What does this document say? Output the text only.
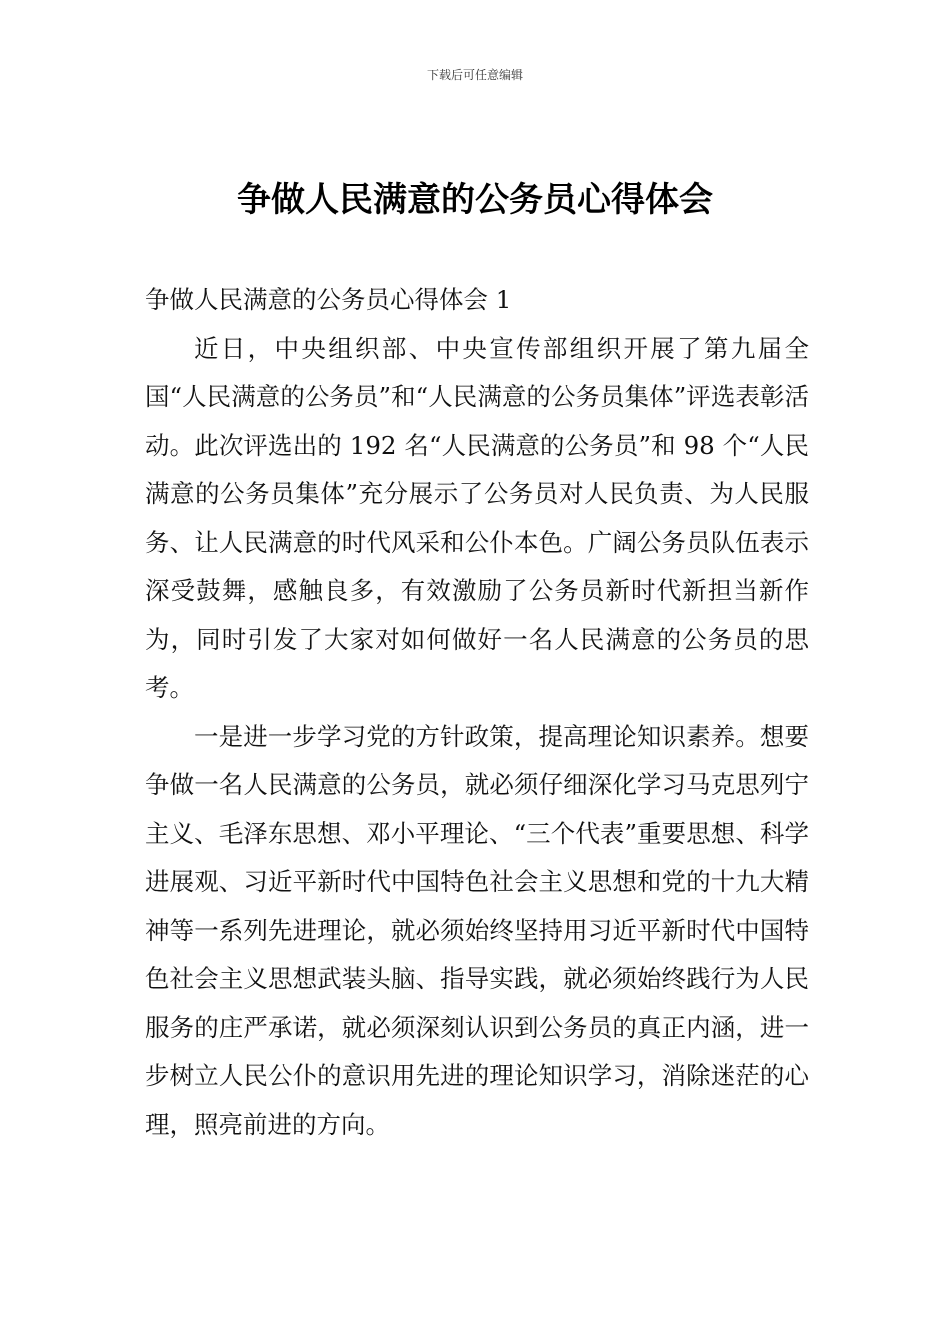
下载后可任意编辑
争做人民满意的公务员心得体会

争做人民满意的公务员心得体会 1

近日，中央组织部、中央宣传部组织开展了第九届全国“人民满意的公务员”和“人民满意的公务员集体”评选表彰活动。此次评选出的 192 名“人民满意的公务员”和 98 个“人民满意的公务员集体”充分展示了公务员对人民负责、为人民服务、让人民满意的时代风采和公仆本色。广阔公务员队伍表示深受鼓舞，感触良多，有效激励了公务员新时代新担当新作为，同时引发了大家对如何做好一名人民满意的公务员的思考。

一是进一步学习党的方针政策，提高理论知识素养。想要争做一名人民满意的公务员，就必须仔细深化学习马克思列宁主义、毛泽东思想、邓小平理论、“三个代表”重要思想、科学进展观、习近平新时代中国特色社会主义思想和党的十九大精神等一系列先进理论，就必须始终坚持用习近平新时代中国特色社会主义思想武装头脑、指导实践，就必须始终践行为人民服务的庄严承诺，就必须深刻认识到公务员的真正内涵，进一步树立人民公仆的意识用先进的理论知识学习，消除迷茫的心理，照亮前进的方向。
